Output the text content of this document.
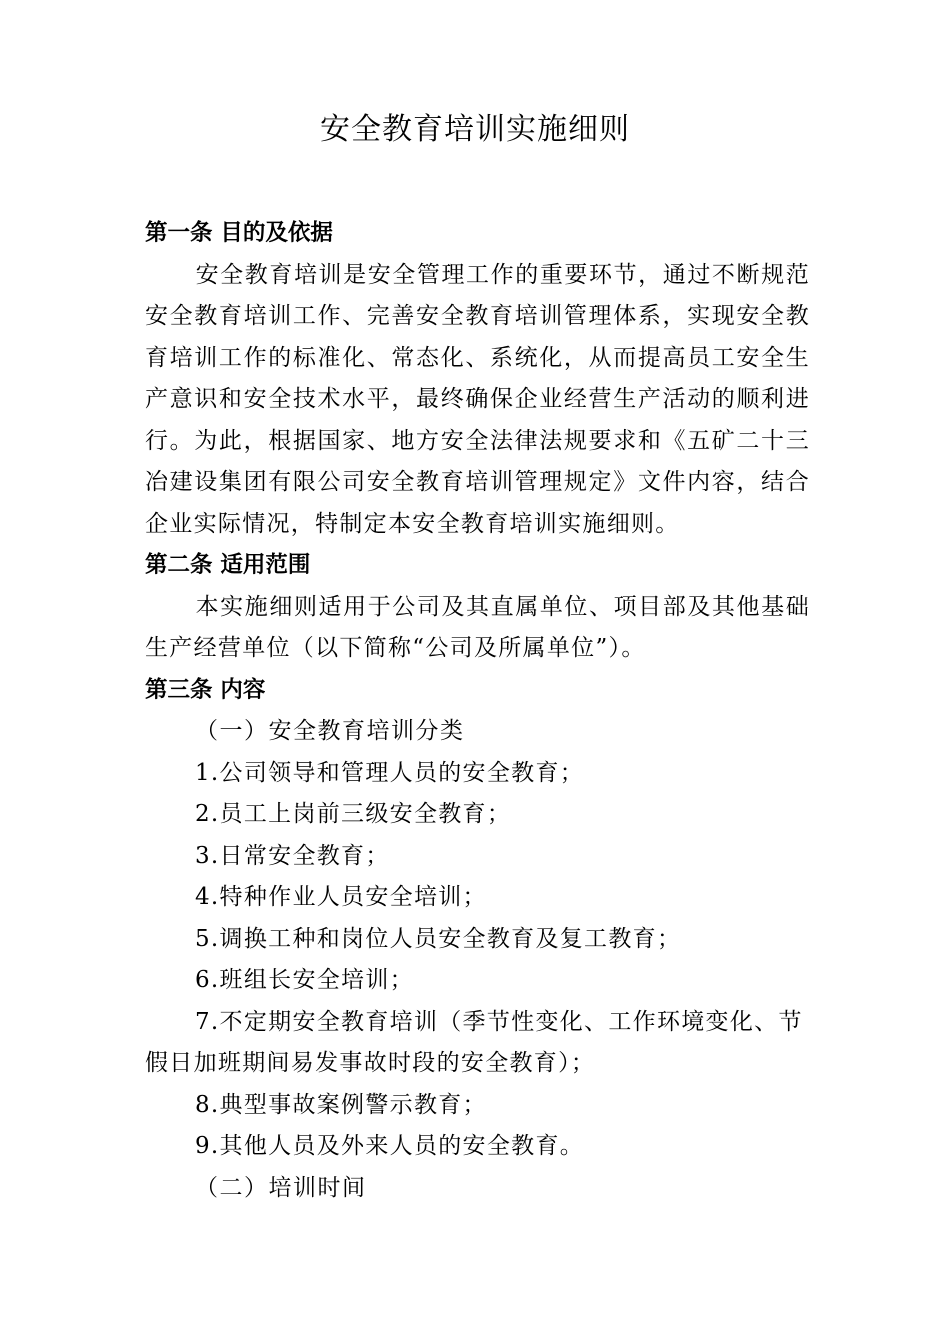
安全教育培训实施细则
第一条 目的及依据
安全教育培训是安全管理工作的重要环节，通过不断规范安全教育培训工作、完善安全教育培训管理体系，实现安全教育培训工作的标准化、常态化、系统化，从而提高员工安全生产意识和安全技术水平，最终确保企业经营生产活动的顺利进行。为此，根据国家、地方安全法律法规要求和《五矿二十三冶建设集团有限公司安全教育培训管理规定》文件内容，结合企业实际情况，特制定本安全教育培训实施细则。
第二条 适用范围
本实施细则适用于公司及其直属单位、项目部及其他基础生产经营单位（以下简称“公司及所属单位”）。
第三条 内容
（一）安全教育培训分类
1.公司领导和管理人员的安全教育；
2.员工上岗前三级安全教育；
3.日常安全教育；
4.特种作业人员安全培训；
5.调换工种和岗位人员安全教育及复工教育；
6.班组长安全培训；
7.不定期安全教育培训（季节性变化、工作环境变化、节假日加班期间易发事故时段的安全教育）；
8.典型事故案例警示教育；
9.其他人员及外来人员的安全教育。
（二）培训时间
